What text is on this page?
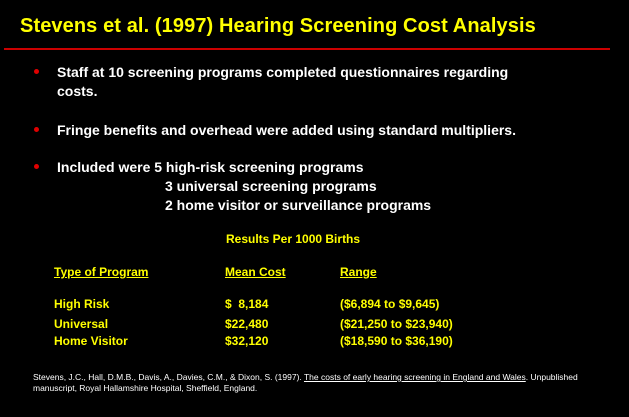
Stevens et al. (1997) Hearing Screening Cost Analysis
Staff at 10 screening programs completed questionnaires regarding
costs.
Fringe benefits and overhead were added using standard multipliers.
Included were 5 high-risk screening programs
3 universal screening programs
2 home visitor or surveillance programs
Results Per 1000 Births
Type of Program	Mean Cost	Range
High Risk	$  8,184	($6,894 to $9,645)
Universal	$22,480	($21,250 to $23,940)
Home Visitor	$32,120	($18,590 to $36,190)
Stevens, J.C., Hall, D.M.B., Davis, A., Davies, C.M., & Dixon, S. (1997). The costs of early hearing screening in England and Wales. Unpublished manuscript, Royal Hallamshire Hospital, Sheffield, England.
